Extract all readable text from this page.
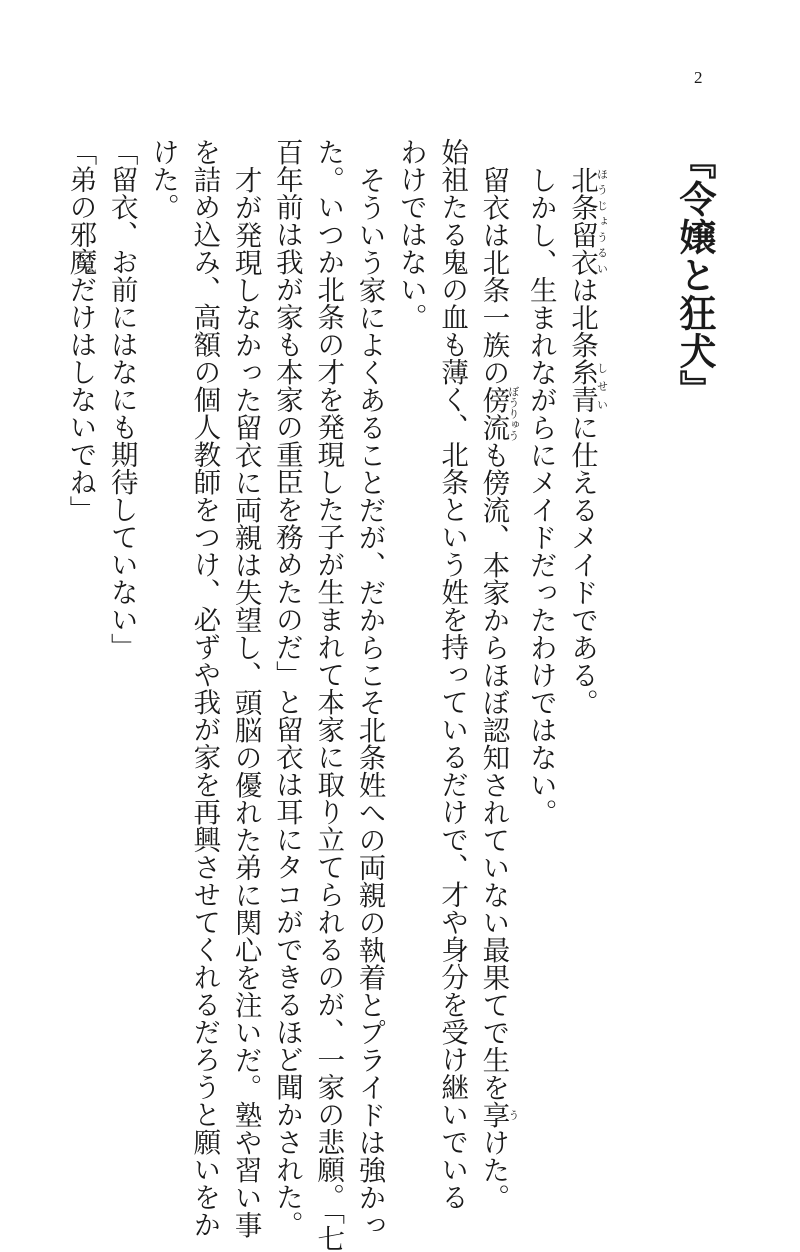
2
『令嬢と狂犬』
北条留衣ほうじょうるいは北条糸青しせいに仕えるメイドである。
しかし、生まれながらにメイドだったわけではない。
留衣は北条一族の傍流ぼうりゅうも傍流、本家からほぼ認知されていない最果てで生を享うけた。
始祖たる鬼の血も薄く、北条という姓を持っているだけで、才や身分を受け継いでいる
わけではない。
そういう家によくあることだが、だからこそ北条姓への両親の執着とプライドは強かっ
た。いつか北条の才を発現した子が生まれて本家に取り立てられるのが、一家の悲願。「七
百年前は我が家も本家の重臣を務めたのだ」と留衣は耳にタコができるほど聞かされた。
才が発現しなかった留衣に両親は失望し、頭脳の優れた弟に関心を注いだ。塾や習い事
を詰め込み、高額の個人教師をつけ、必ずや我が家を再興させてくれるだろうと願いをか
けた。
「留衣、お前にはなにも期待していない」
「弟の邪魔だけはしないでね」
